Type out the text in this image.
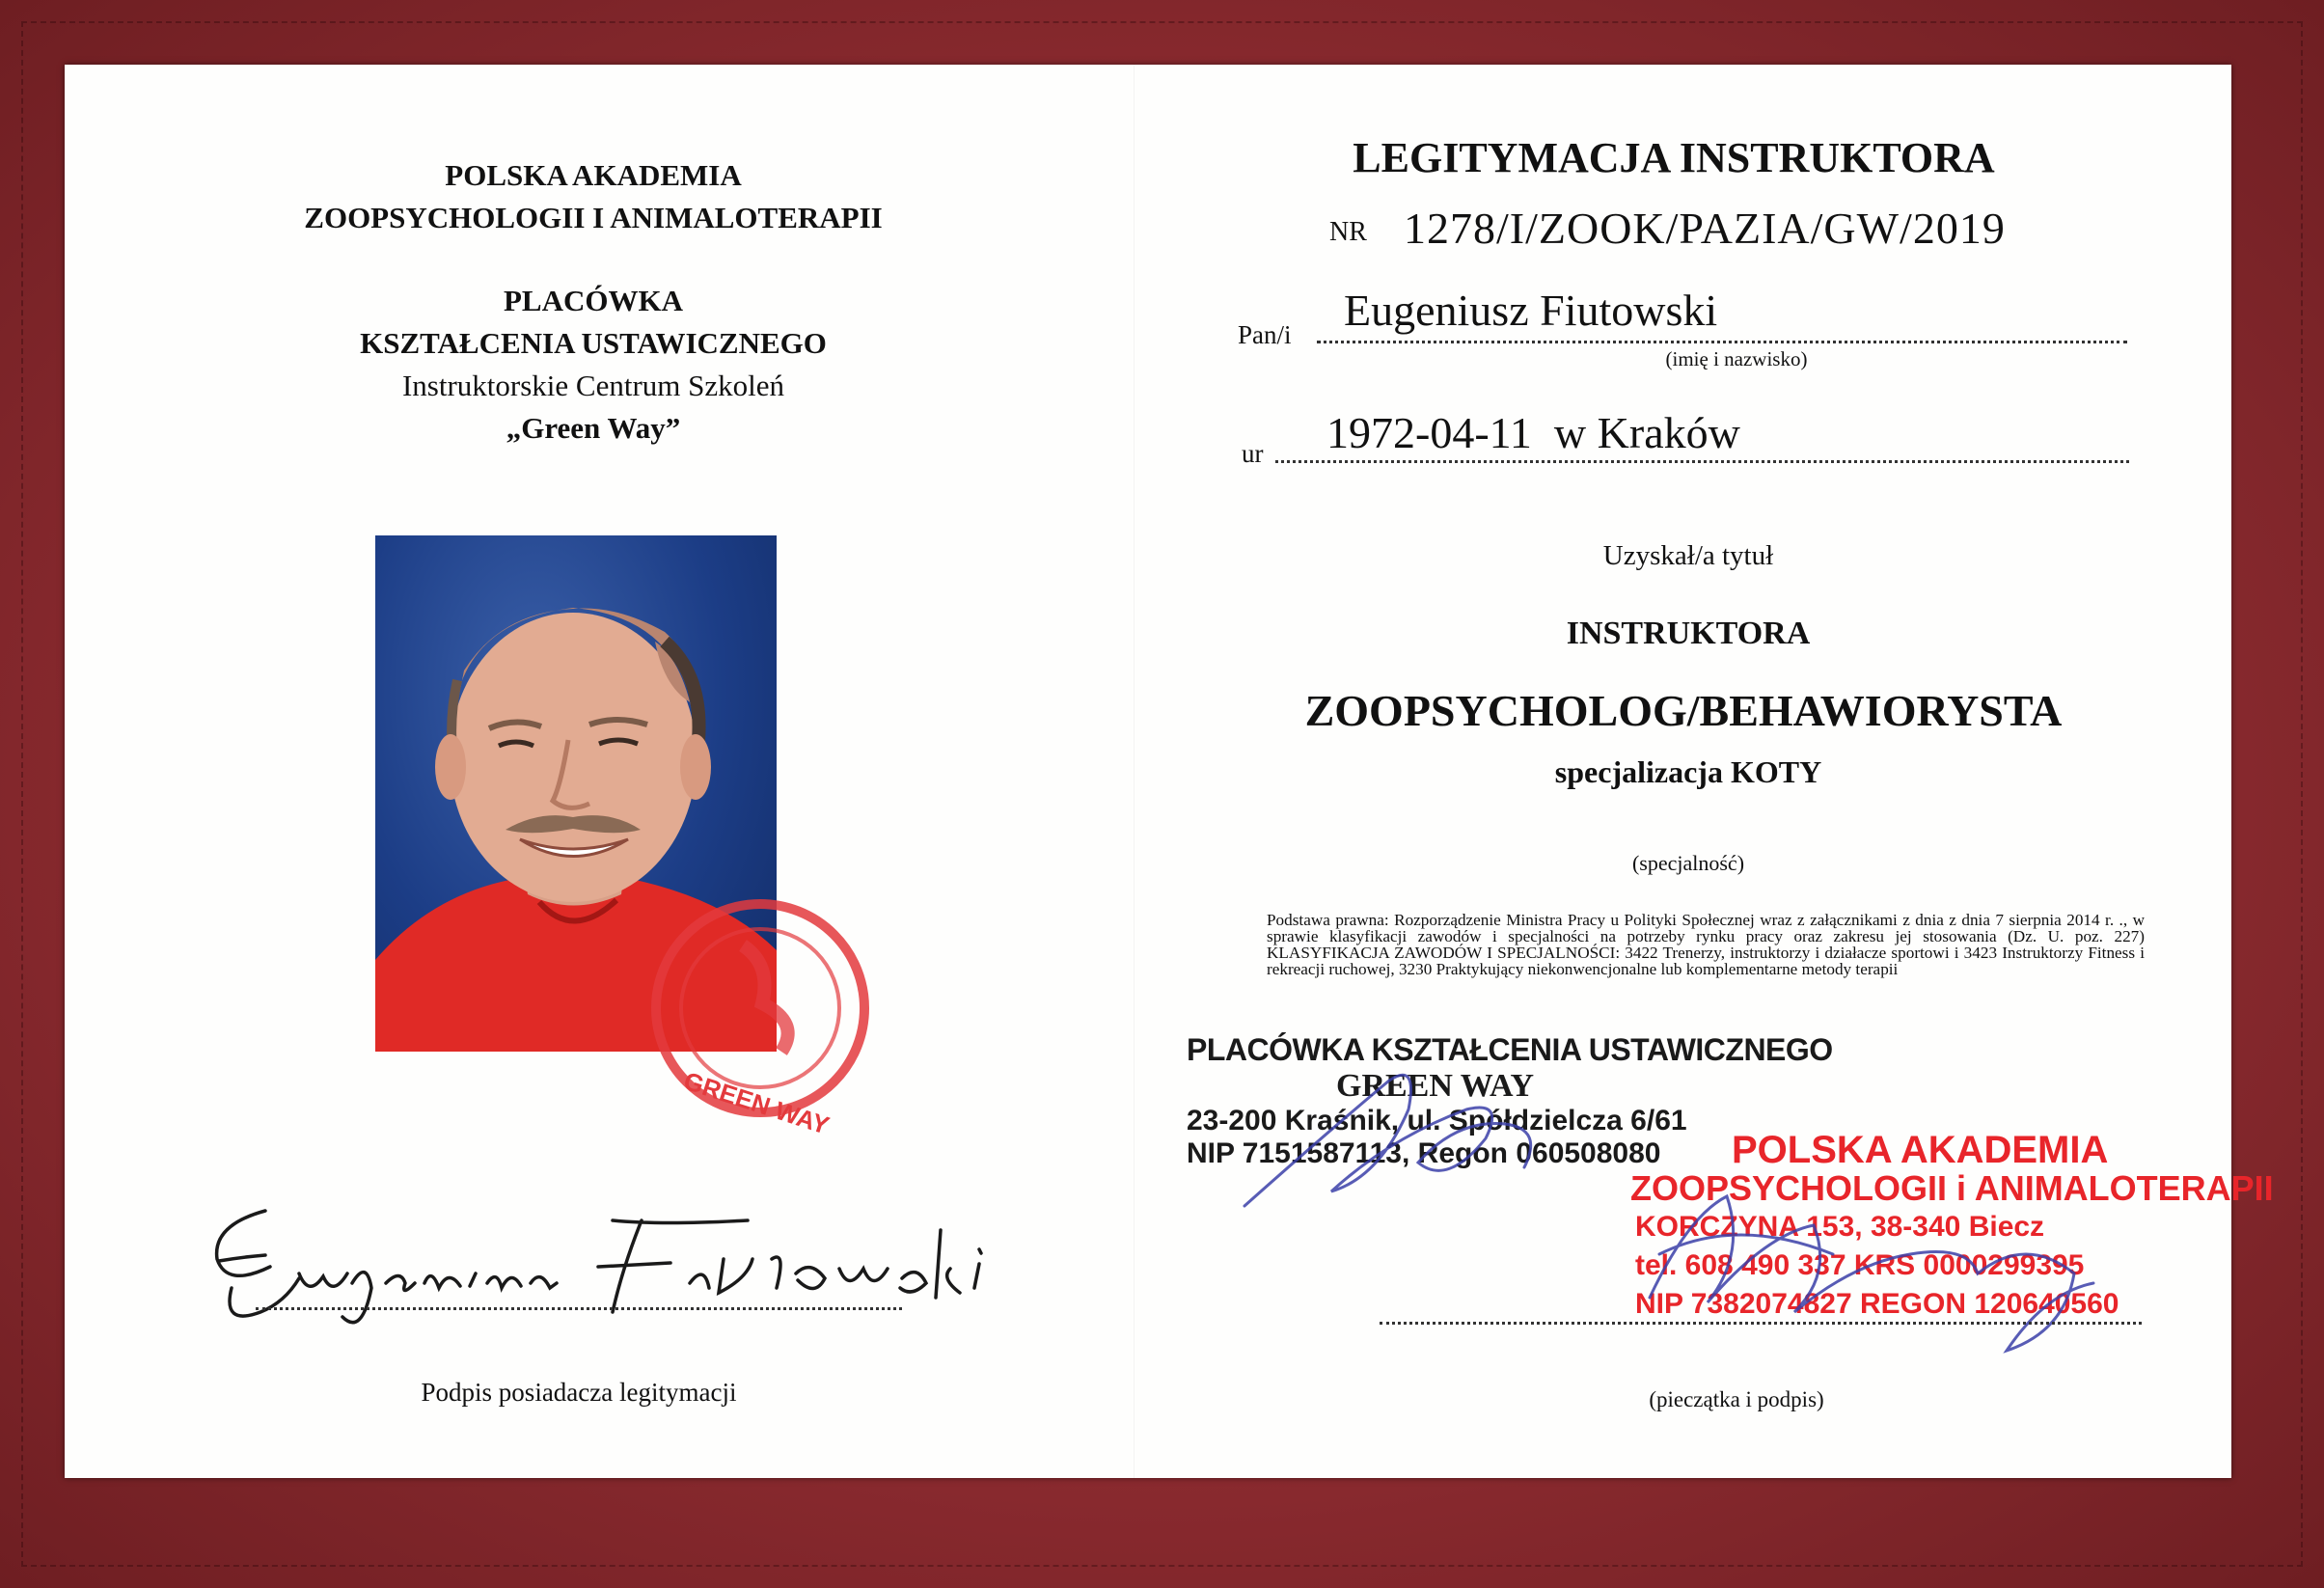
POLSKA AKADEMIA
ZOOPSYCHOLOGII I ANIMALOTERAPII
PLACÓWKA
KSZTAŁCENIA USTAWICZNEGO
Instruktorskie Centrum Szkoleń
„Green Way”
GREEN WAY
Podpis posiadacza legitymacji
LEGITYMACJA INSTRUKTORA
NR 1278/I/ZOOK/PAZIA/GW/2019
Pan/i Eugeniusz Fiutowski
(imię i nazwisko)
ur 1972-04-11  w Kraków
Uzyskał/a tytuł
INSTRUKTORA
ZOOPSYCHOLOG/BEHAWIORYSTA
specjalizacja KOTY
(specjalność)
Podstawa prawna: Rozporządzenie Ministra Pracy u Polityki Społecznej wraz z załącznikami z dnia z dnia 7 sierpnia 2014 r. ., w sprawie klasyfikacji zawodów i specjalności na potrzeby rynku pracy oraz zakresu jej stosowania (Dz. U. poz. 227) KLASYFIKACJA ZAWODÓW I SPECJALNOŚCI: 3422 Trenerzy, instruktorzy i działacze sportowi i 3423 Instruktorzy Fitness i rekreacji ruchowej, 3230 Praktykujący niekonwencjonalne lub komplementarne metody terapii
PLACÓWKA KSZTAŁCENIA USTAWICZNEGO
GREEN WAY
23-200 Kraśnik, ul. Spółdzielcza 6/61
NIP 7151587113, Regon 060508080	POLSKA AKADEMIA
ZOOPSYCHOLOGII i ANIMALOTERAPII
KORCZYNA 153, 38-340 Biecz
tel. 608 490 337 KRS 0000299395
NIP 7382074827 REGON 120640560
(pieczątka i podpis)
